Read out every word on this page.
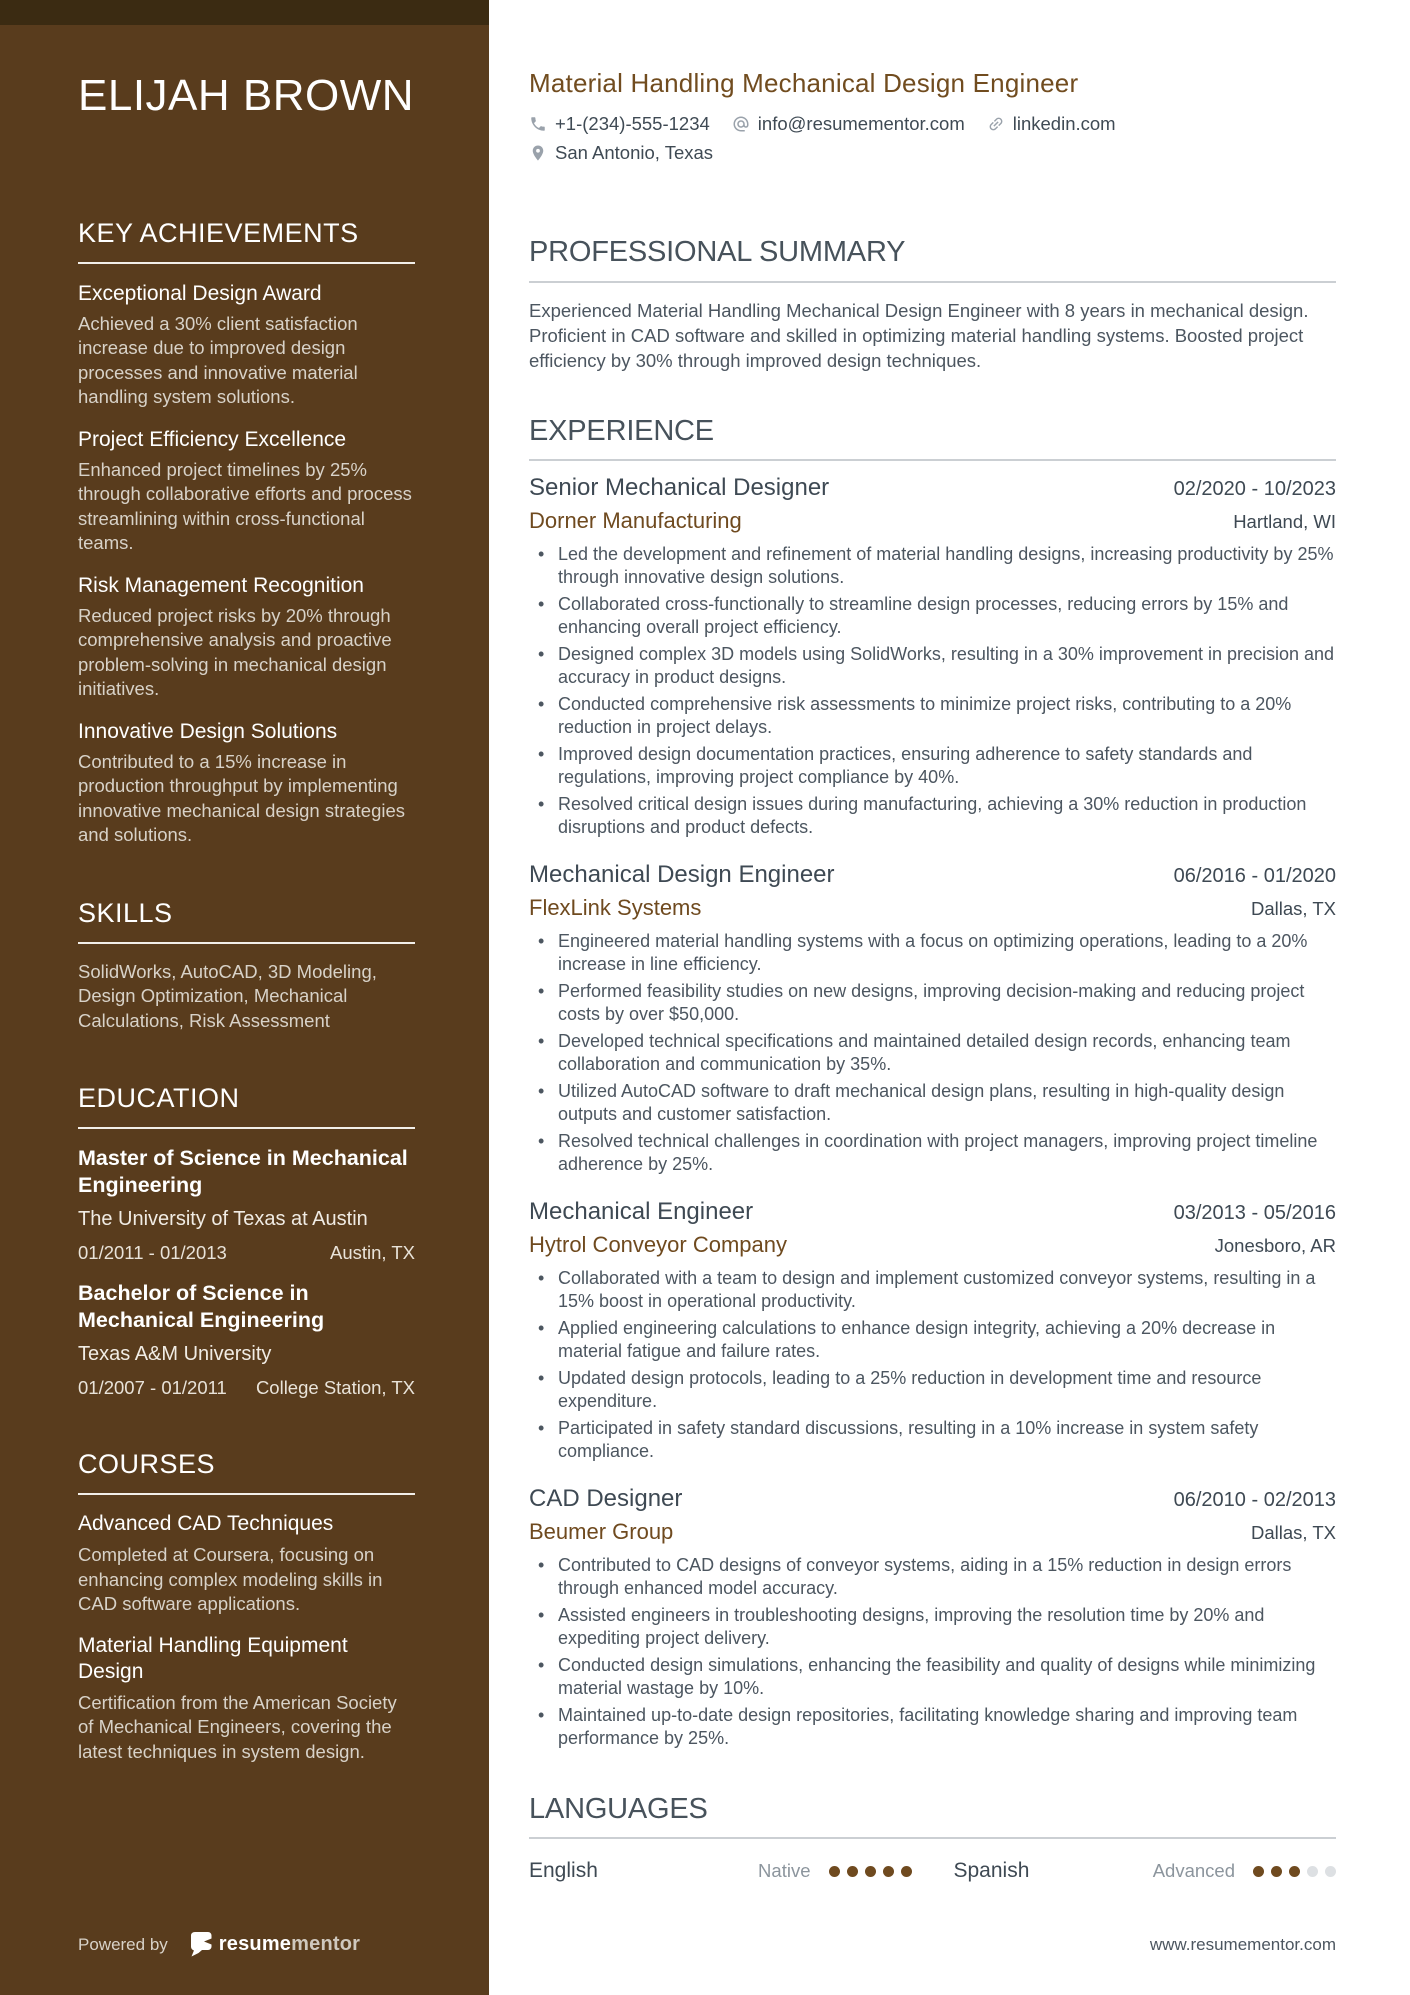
ELIJAH BROWN
KEY ACHIEVEMENTS

Exceptional Design Award

Achieved a 30% client satisfaction increase due to improved design processes and innovative material handling system solutions.

Project Efficiency Excellence

Enhanced project timelines by 25% through collaborative efforts and process streamlining within cross-functional teams.

Risk Management Recognition

Reduced project risks by 20% through comprehensive analysis and proactive problem-solving in mechanical design initiatives.

Innovative Design Solutions

Contributed to a 15% increase in production throughput by implementing innovative mechanical design strategies and solutions.

SKILLS

SolidWorks, AutoCAD, 3D Modeling, Design Optimization, Mechanical Calculations, Risk Assessment

EDUCATION

Master of Science in Mechanical Engineering

The University of Texas at Austin

01/2011 - 01/2013	Austin, TX

Bachelor of Science in Mechanical Engineering

Texas A&M University

01/2007 - 01/2011 College Station, TX
COURSES

Advanced CAD Techniques

Completed at Coursera, focusing on enhancing complex modeling skills in CAD software applications.

Material Handling Equipment Design

Certification from the American Society of Mechanical Engineers, covering the latest techniques in system design.

Powered by	resumementor
Material Handling Mechanical Design Engineer
+1-(234)-555-1234	info@resumementor.com	linkedin.com
San Antonio, Texas
PROFESSIONAL SUMMARY

Experienced Material Handling Mechanical Design Engineer with 8 years in mechanical design. Proficient in CAD software and skilled in optimizing material handling systems. Boosted project efficiency by 30% through improved design techniques.

EXPERIENCE
Senior Mechanical Designer	02/2020 - 10/2023
Dorner Manufacturing	Hartland, WI
• Led the development and refinement of material handling designs, increasing productivity by 25% through innovative design solutions.
• Collaborated cross-functionally to streamline design processes, reducing errors by 15% and enhancing overall project efficiency.
• Designed complex 3D models using SolidWorks, resulting in a 30% improvement in precision and accuracy in product designs.
• Conducted comprehensive risk assessments to minimize project risks, contributing to a 20% reduction in project delays.
• Improved design documentation practices, ensuring adherence to safety standards and regulations, improving project compliance by 40%.
• Resolved critical design issues during manufacturing, achieving a 30% reduction in production disruptions and product defects.
Mechanical Design Engineer	06/2016 - 01/2020
FlexLink Systems	Dallas, TX
• Engineered material handling systems with a focus on optimizing operations, leading to a 20% increase in line efficiency.
• Performed feasibility studies on new designs, improving decision-making and reducing project costs by over $50,000.
• Developed technical specifications and maintained detailed design records, enhancing team collaboration and communication by 35%.
• Utilized AutoCAD software to draft mechanical design plans, resulting in high-quality design outputs and customer satisfaction.
• Resolved technical challenges in coordination with project managers, improving project timeline adherence by 25%.
Mechanical Engineer	03/2013 - 05/2016
Hytrol Conveyor Company	Jonesboro, AR
• Collaborated with a team to design and implement customized conveyor systems, resulting in a 15% boost in operational productivity.
• Applied engineering calculations to enhance design integrity, achieving a 20% decrease in material fatigue and failure rates.
• Updated design protocols, leading to a 25% reduction in development time and resource expenditure.
• Participated in safety standard discussions, resulting in a 10% increase in system safety compliance.
CAD Designer	06/2010 - 02/2013
Beumer Group	Dallas, TX
• Contributed to CAD designs of conveyor systems, aiding in a 15% reduction in design errors through enhanced model accuracy.
• Assisted engineers in troubleshooting designs, improving the resolution time by 20% and expediting project delivery.
• Conducted design simulations, enhancing the feasibility and quality of designs while minimizing material wastage by 10%.
• Maintained up-to-date design repositories, facilitating knowledge sharing and improving team performance by 25%.
LANGUAGES
English	Native	Spanish	Advanced
www.resumementor.com
